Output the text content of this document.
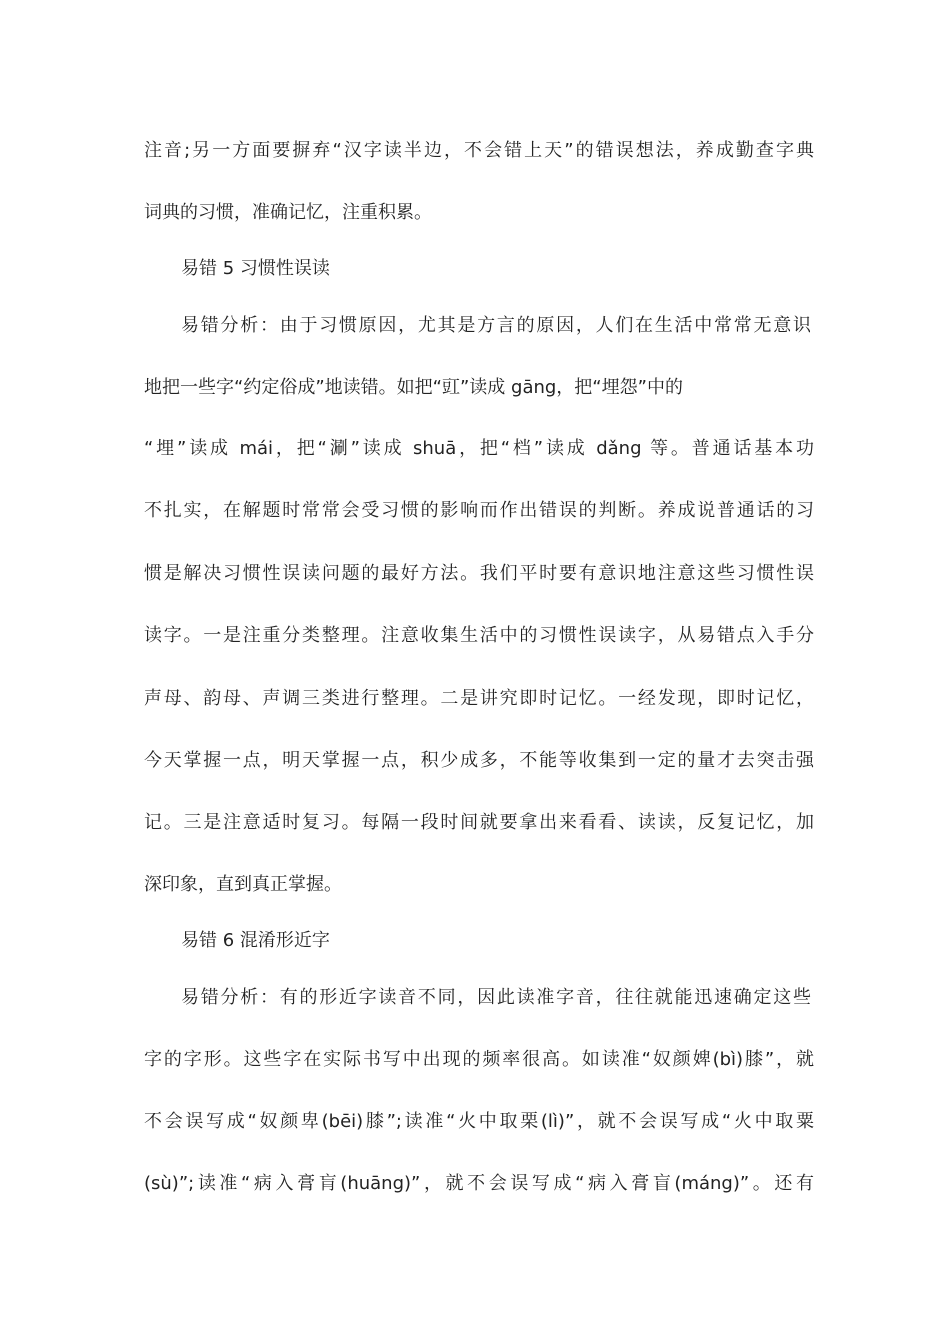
注音;另一方面要摒弃“汉字读半边，不会错上天”的错误想法，养成勤查字典
词典的习惯，准确记忆，注重积累。
易错 5 习惯性误读
易错分析：由于习惯原因，尤其是方言的原因，人们在生活中常常无意识
地把一些字“约定俗成”地读错。如把“豇”读成 gāng，把“埋怨”中的
“埋”读成 mái，把“涮”读成 shuā，把“档”读成 dǎng 等。普通话基本功
不扎实，在解题时常常会受习惯的影响而作出错误的判断。养成说普通话的习
惯是解决习惯性误读问题的最好方法。我们平时要有意识地注意这些习惯性误
读字。一是注重分类整理。注意收集生活中的习惯性误读字，从易错点入手分
声母、韵母、声调三类进行整理。二是讲究即时记忆。一经发现，即时记忆，
今天掌握一点，明天掌握一点，积少成多，不能等收集到一定的量才去突击强
记。三是注意适时复习。每隔一段时间就要拿出来看看、读读，反复记忆，加
深印象，直到真正掌握。
易错 6 混淆形近字
易错分析：有的形近字读音不同，因此读准字音，往往就能迅速确定这些
字的字形。这些字在实际书写中出现的频率很高。如读准“奴颜婢(bì)膝”，就
不会误写成“奴颜卑(bēi)膝”;读准“火中取栗(lì)”，就不会误写成“火中取粟
(sù)”;读准“病入膏肓(huāng)”，就不会误写成“病入膏盲(máng)”。还有
